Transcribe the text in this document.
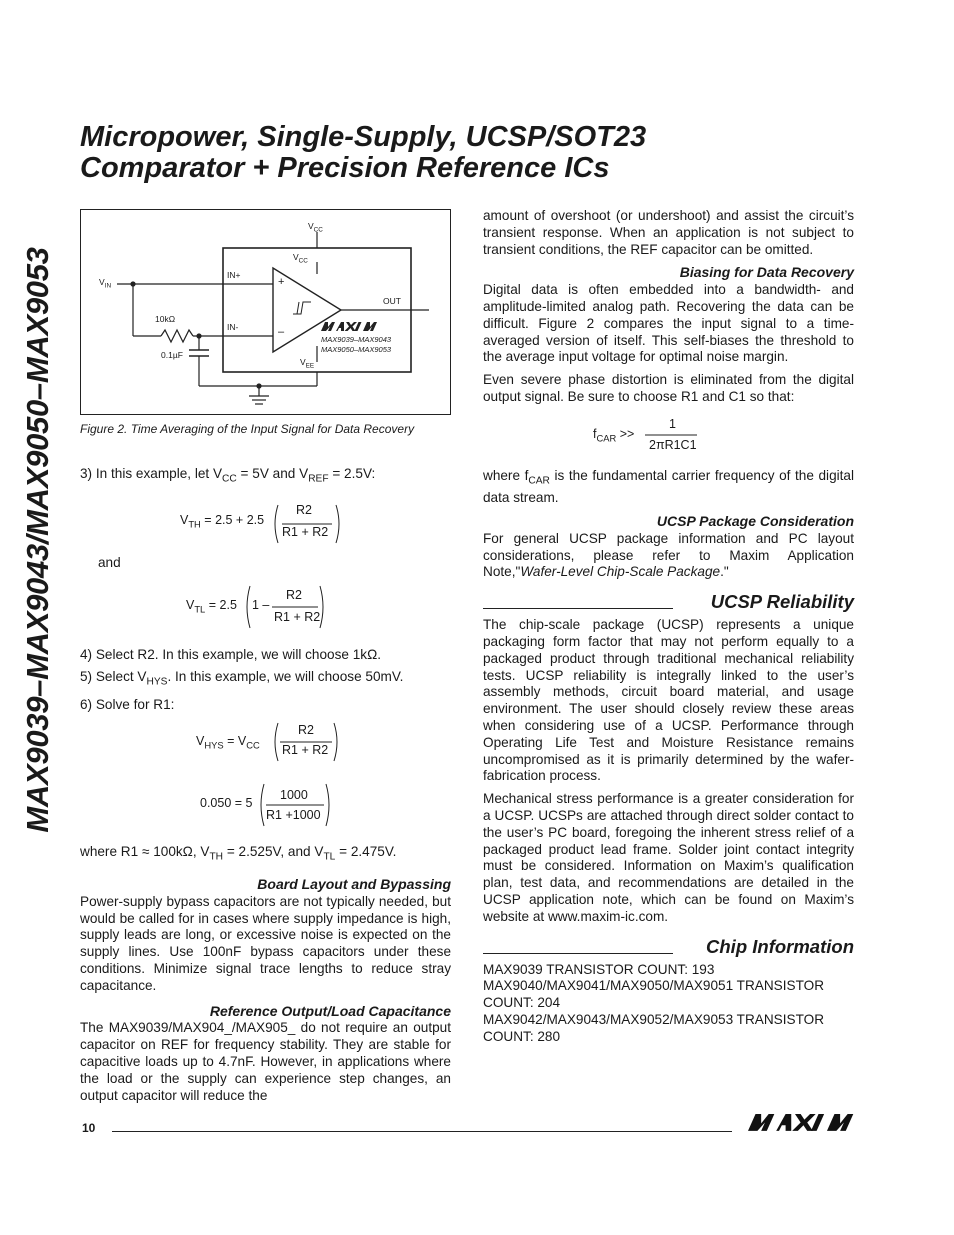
MAX9039–MAX9043/MAX9050–MAX9053
Micropower, Single-Supply, UCSP/SOT23
Comparator + Precision Reference ICs
$V_{CC}$
$V_{CC}$
$V_{IN}$
IN+
IN-
+
–
10kΩ
0.1µF
OUT
$V_{EE}$
MAX9039–MAX9043
MAX9050–MAX9053
Figure 2. Time Averaging of the Input Signal for Data Recovery
3) In this example, let $V_{CC} = 5V$ and $V_{REF} = 2.5V$:
$V_{TH} = 2.5 + 2.5$
R2
R1 + R2
and
$V_{TL} = 2.5$ 1 –
R2
R1 + R2
4) Select R2. In this example, we will choose 1kΩ.
5) Select $V_{HYS}$. In this example, we will choose 50mV.
6) Solve for R1:
$V_{HYS} = V_{CC}$
R2
R1 + R2
0.050 = 5
1000
R1 +1000
where R1 ≈ 100kΩ, $V_{TH} = 2.525V$, and $V_{TL} = 2.475V$.
Board Layout and Bypassing

Power-supply bypass capacitors are not typically needed, but would be called for in cases where supply impedance is high, supply leads are long, or excessive noise is expected on the supply lines. Use 100nF bypass capacitors under these conditions. Minimize signal trace lengths to reduce stray capacitance.

Reference Output/Load Capacitance

The MAX9039/MAX904_/MAX905_ do not require an output capacitor on REF for frequency stability. They are stable for capacitive loads up to 4.7nF. However, in applications where the load or the supply can experience step changes, an output capacitor will reduce the

amount of overshoot (or undershoot) and assist the circuit’s transient response. When an application is not subject to transient conditions, the REF capacitor can be omitted.

Biasing for Data Recovery

Digital data is often embedded into a bandwidth- and amplitude-limited analog path. Recovering the data can be difficult. Figure 2 compares the input signal to a time-averaged version of itself. This self-biases the threshold to the average input voltage for optimal noise margin.

Even severe phase distortion is eliminated from the digital output signal. Be sure to choose R1 and C1 so that:

$f_{CAR}$ >>
1
2πR1C1

where $f_{CAR}$ is the fundamental carrier frequency of the digital data stream.

UCSP Package Consideration

For general UCSP package information and PC layout considerations, please refer to Maxim Application Note,"Wafer-Level Chip-Scale Package."

UCSP Reliability

The chip-scale package (UCSP) represents a unique packaging form factor that may not perform equally to a packaged product through traditional mechanical reliability tests. UCSP reliability is integrally linked to the user’s assembly methods, circuit board material, and usage environment. The user should closely review these areas when considering use of a UCSP. Performance through Operating Life Test and Moisture Resistance remains uncompromised as it is primarily determined by the wafer-fabrication process.

Mechanical stress performance is a greater consideration for a UCSP. UCSPs are attached through direct solder contact to the user’s PC board, foregoing the inherent stress relief of a packaged product lead frame. Solder joint contact integrity must be considered. Information on Maxim’s qualification plan, test data, and recommendations are detailed in the UCSP application note, which can be found on Maxim’s website at www.maxim-ic.com.

Chip Information
MAX9039 TRANSISTOR COUNT: 193
MAX9040/MAX9041/MAX9050/MAX9051 TRANSISTOR COUNT: 204
MAX9042/MAX9043/MAX9052/MAX9053 TRANSISTOR COUNT: 280
10
